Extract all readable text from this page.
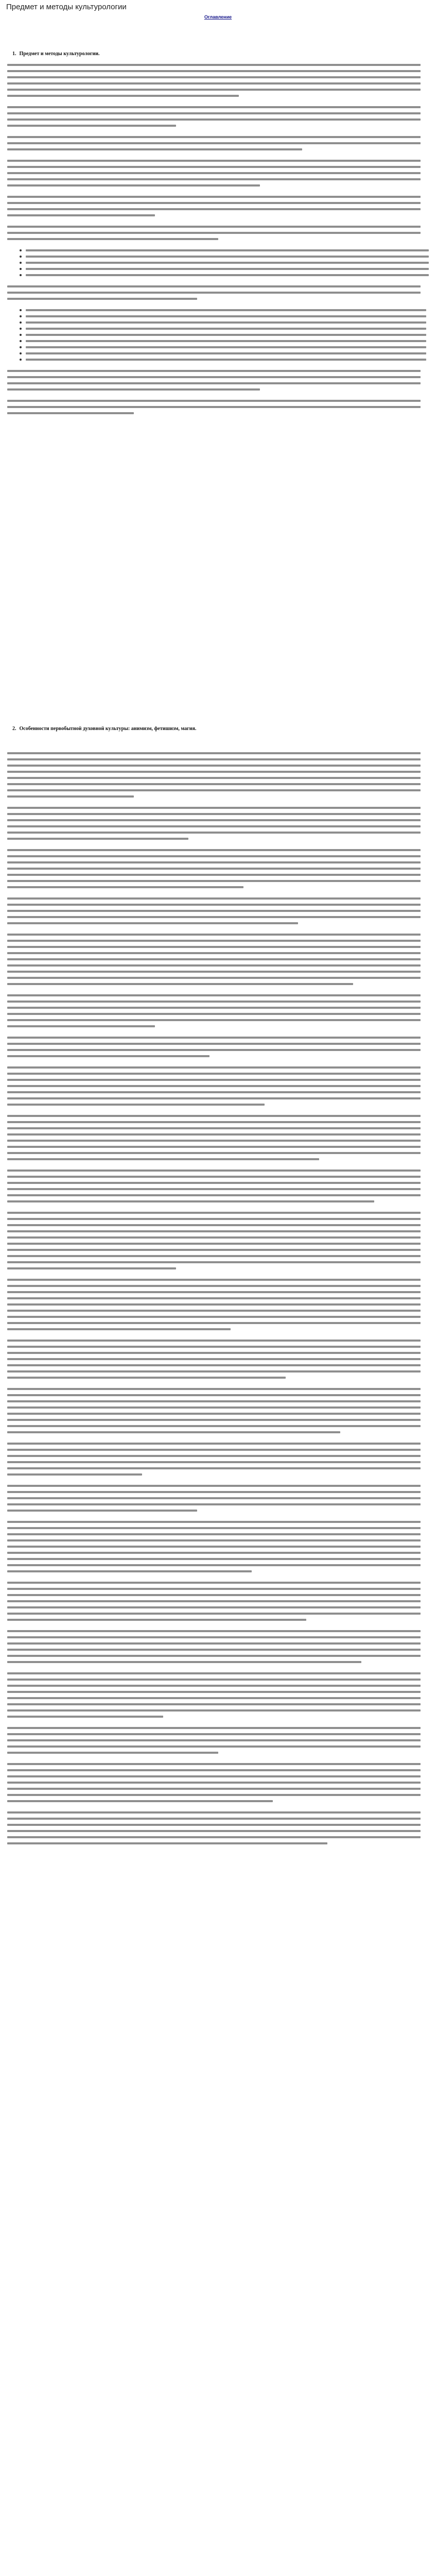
Предмет и методы культурологии
Оглавление
1. Предмет и методы культурологии.
2. Особенности первобытной духовной культуры: анимизм, фетишизм, магия.
